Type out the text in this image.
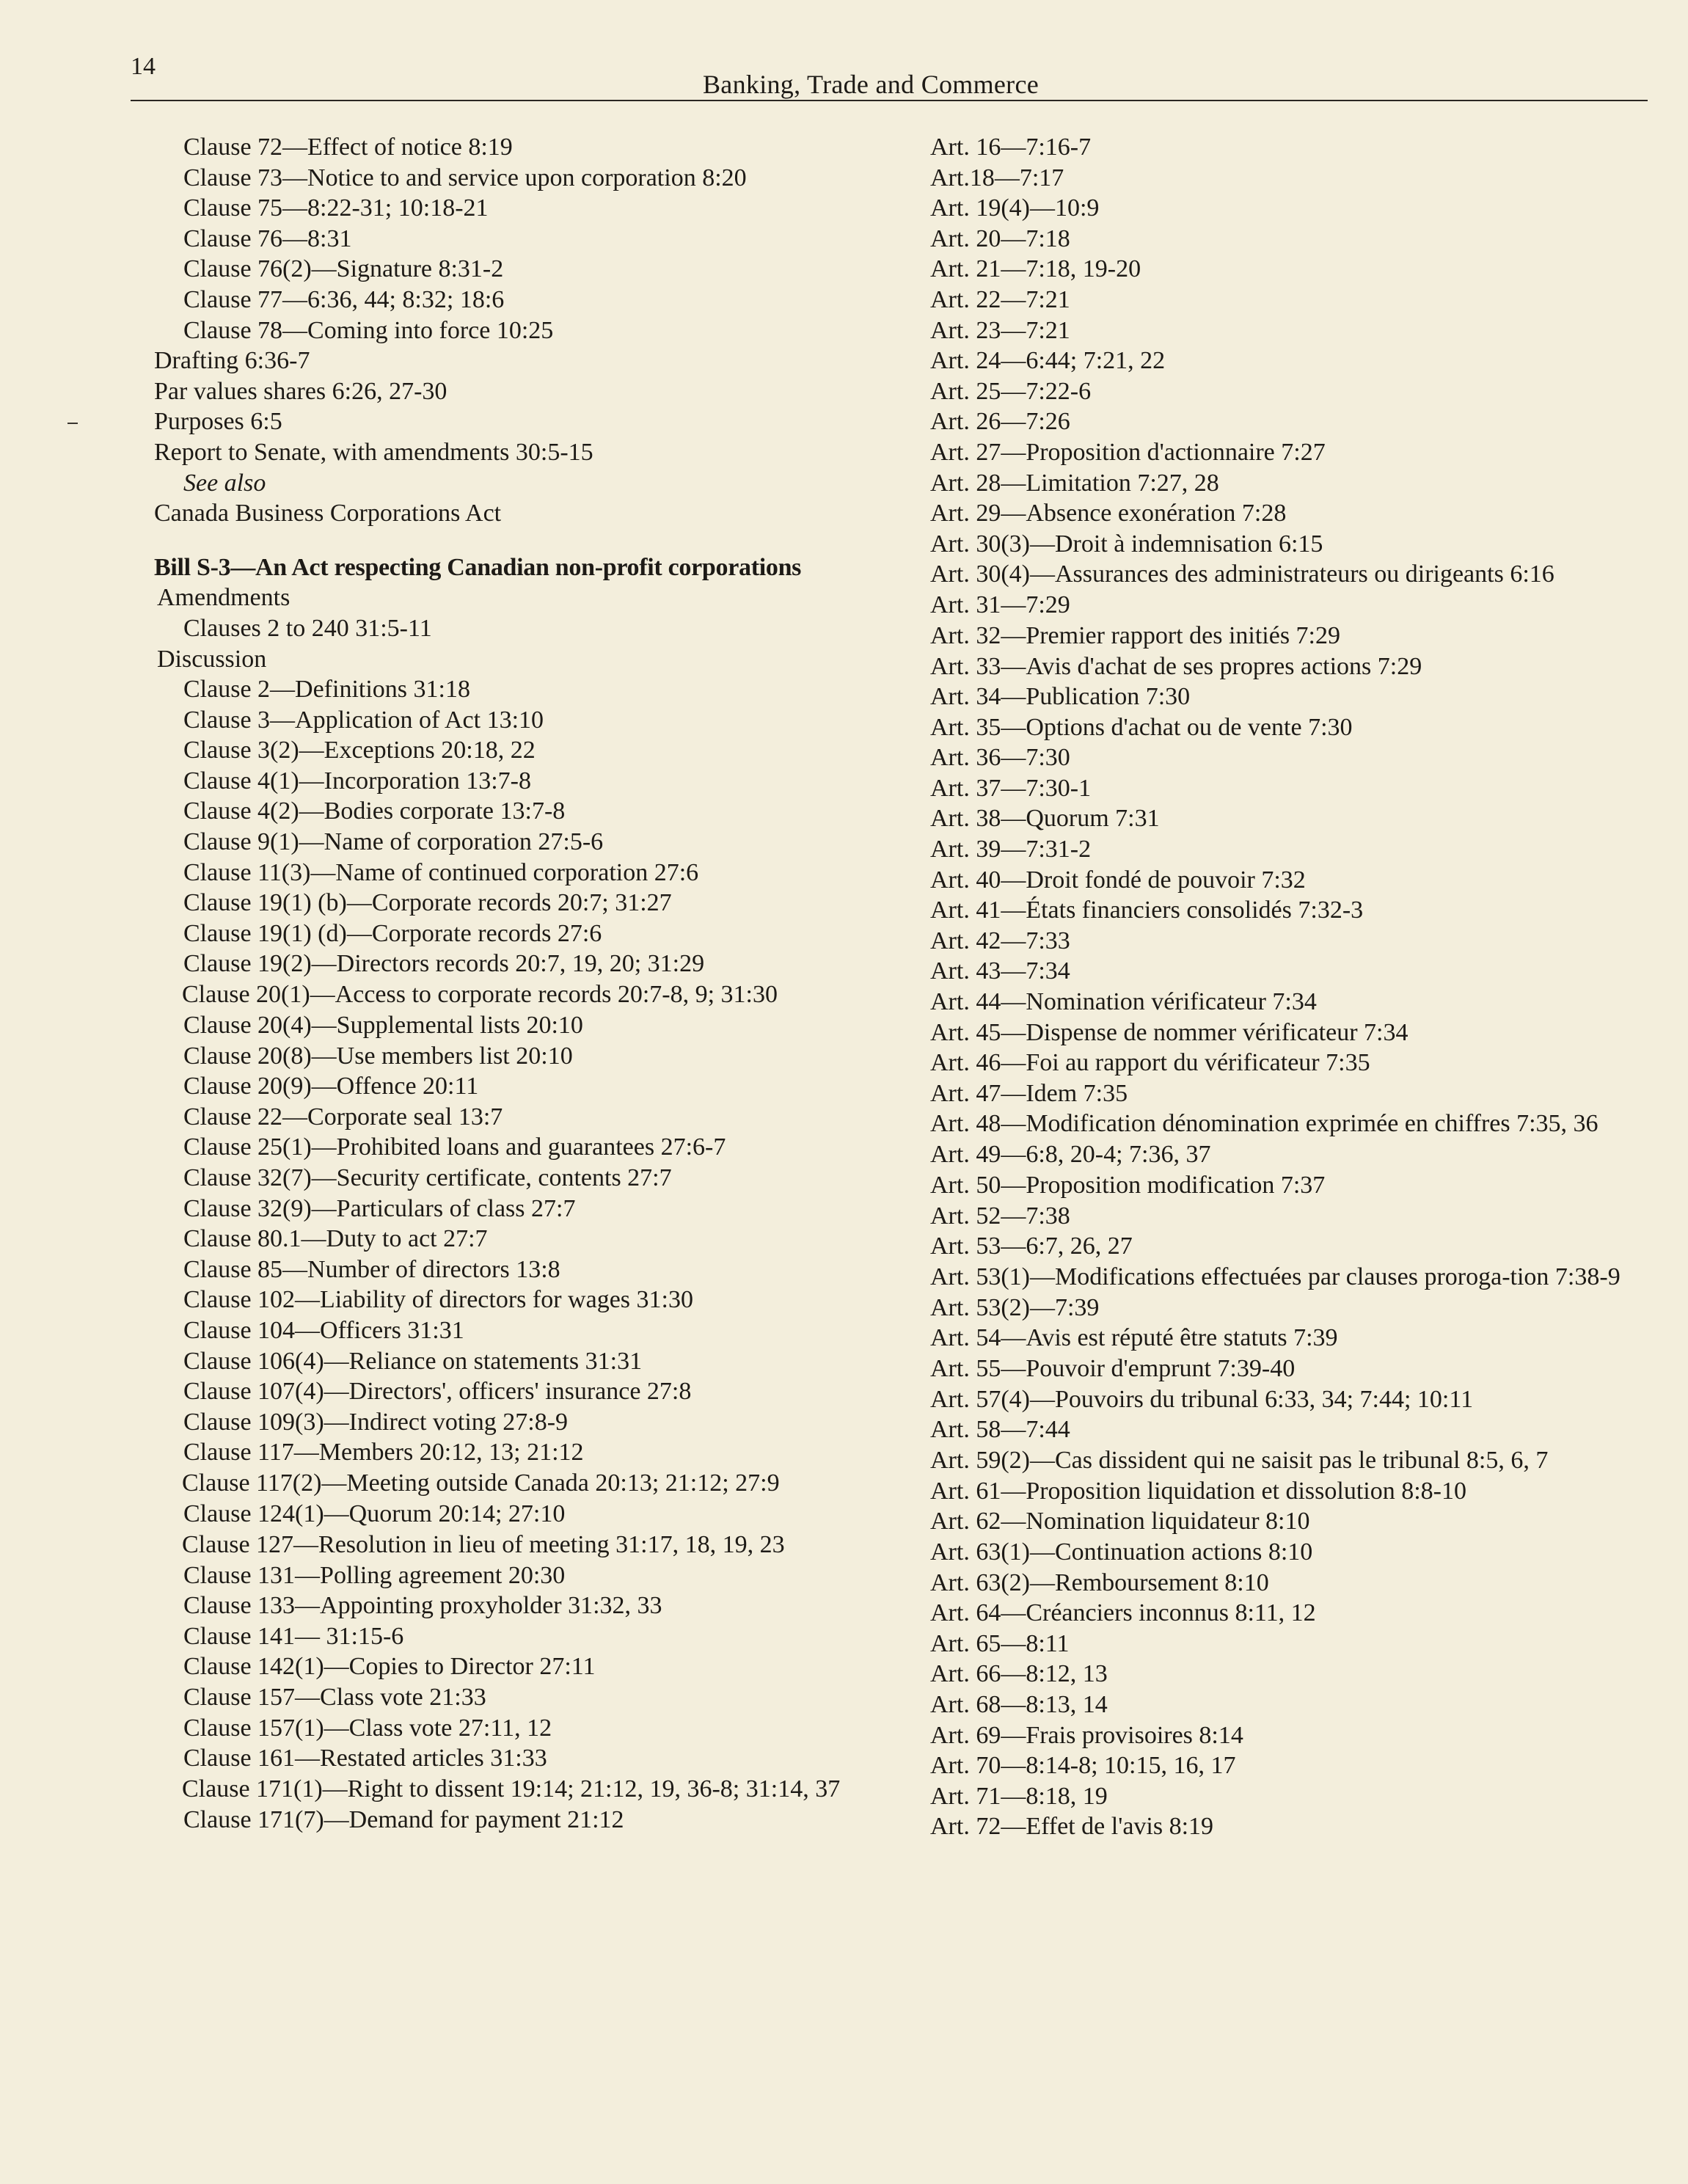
14
Banking, Trade and Commerce
Clause 72—Effect of notice 8:19
Clause 73—Notice to and service upon corporation 8:20
Clause 75—8:22-31; 10:18-21
Clause 76—8:31
Clause 76(2)—Signature 8:31-2
Clause 77—6:36, 44; 8:32; 18:6
Clause 78—Coming into force 10:25
Drafting 6:36-7
Par values shares 6:26, 27-30
Purposes 6:5
Report to Senate, with amendments 30:5-15
See also
Canada Business Corporations Act
Bill S-3—An Act respecting Canadian non-profit corporations
Amendments
Clauses 2 to 240 31:5-11
Discussion
Clause 2—Definitions 31:18
Clause 3—Application of Act 13:10
Clause 3(2)—Exceptions 20:18, 22
Clause 4(1)—Incorporation 13:7-8
Clause 4(2)—Bodies corporate 13:7-8
Clause 9(1)—Name of corporation 27:5-6
Clause 11(3)—Name of continued corporation 27:6
Clause 19(1) (b)—Corporate records 20:7; 31:27
Clause 19(1) (d)—Corporate records 27:6
Clause 19(2)—Directors records 20:7, 19, 20; 31:29
Clause 20(1)—Access to corporate records 20:7-8, 9; 31:30
Clause 20(4)—Supplemental lists 20:10
Clause 20(8)—Use members list 20:10
Clause 20(9)—Offence 20:11
Clause 22—Corporate seal 13:7
Clause 25(1)—Prohibited loans and guarantees 27:6-7
Clause 32(7)—Security certificate, contents 27:7
Clause 32(9)—Particulars of class 27:7
Clause 80.1—Duty to act 27:7
Clause 85—Number of directors 13:8
Clause 102—Liability of directors for wages 31:30
Clause 104—Officers 31:31
Clause 106(4)—Reliance on statements 31:31
Clause 107(4)—Directors', officers' insurance 27:8
Clause 109(3)—Indirect voting 27:8-9
Clause 117—Members 20:12, 13; 21:12
Clause 117(2)—Meeting outside Canada 20:13; 21:12; 27:9
Clause 124(1)—Quorum 20:14; 27:10
Clause 127—Resolution in lieu of meeting 31:17, 18, 19, 23
Clause 131—Polling agreement 20:30
Clause 133—Appointing proxyholder 31:32, 33
Clause 141— 31:15-6
Clause 142(1)—Copies to Director 27:11
Clause 157—Class vote 21:33
Clause 157(1)—Class vote 27:11, 12
Clause 161—Restated articles 31:33
Clause 171(1)—Right to dissent 19:14; 21:12, 19, 36-8; 31:14, 37
Clause 171(7)—Demand for payment 21:12
Art. 16—7:16-7
Art.18—7:17
Art. 19(4)—10:9
Art. 20—7:18
Art. 21—7:18, 19-20
Art. 22—7:21
Art. 23—7:21
Art. 24—6:44; 7:21, 22
Art. 25—7:22-6
Art. 26—7:26
Art. 27—Proposition d'actionnaire 7:27
Art. 28—Limitation 7:27, 28
Art. 29—Absence exonération 7:28
Art. 30(3)—Droit à indemnisation 6:15
Art. 30(4)—Assurances des administrateurs ou dirigeants 6:16
Art. 31—7:29
Art. 32—Premier rapport des initiés 7:29
Art. 33—Avis d'achat de ses propres actions 7:29
Art. 34—Publication 7:30
Art. 35—Options d'achat ou de vente 7:30
Art. 36—7:30
Art. 37—7:30-1
Art. 38—Quorum 7:31
Art. 39—7:31-2
Art. 40—Droit fondé de pouvoir 7:32
Art. 41—États financiers consolidés 7:32-3
Art. 42—7:33
Art. 43—7:34
Art. 44—Nomination vérificateur 7:34
Art. 45—Dispense de nommer vérificateur 7:34
Art. 46—Foi au rapport du vérificateur 7:35
Art. 47—Idem 7:35
Art. 48—Modification dénomination exprimée en chiffres 7:35, 36
Art. 49—6:8, 20-4; 7:36, 37
Art. 50—Proposition modification 7:37
Art. 52—7:38
Art. 53—6:7, 26, 27
Art. 53(1)—Modifications effectuées par clauses proroga-tion 7:38-9
Art. 53(2)—7:39
Art. 54—Avis est réputé être statuts 7:39
Art. 55—Pouvoir d'emprunt 7:39-40
Art. 57(4)—Pouvoirs du tribunal 6:33, 34; 7:44; 10:11
Art. 58—7:44
Art. 59(2)—Cas dissident qui ne saisit pas le tribunal 8:5, 6, 7
Art. 61—Proposition liquidation et dissolution 8:8-10
Art. 62—Nomination liquidateur 8:10
Art. 63(1)—Continuation actions 8:10
Art. 63(2)—Remboursement 8:10
Art. 64—Créanciers inconnus 8:11, 12
Art. 65—8:11
Art. 66—8:12, 13
Art. 68—8:13, 14
Art. 69—Frais provisoires 8:14
Art. 70—8:14-8; 10:15, 16, 17
Art. 71—8:18, 19
Art. 72—Effet de l'avis 8:19
